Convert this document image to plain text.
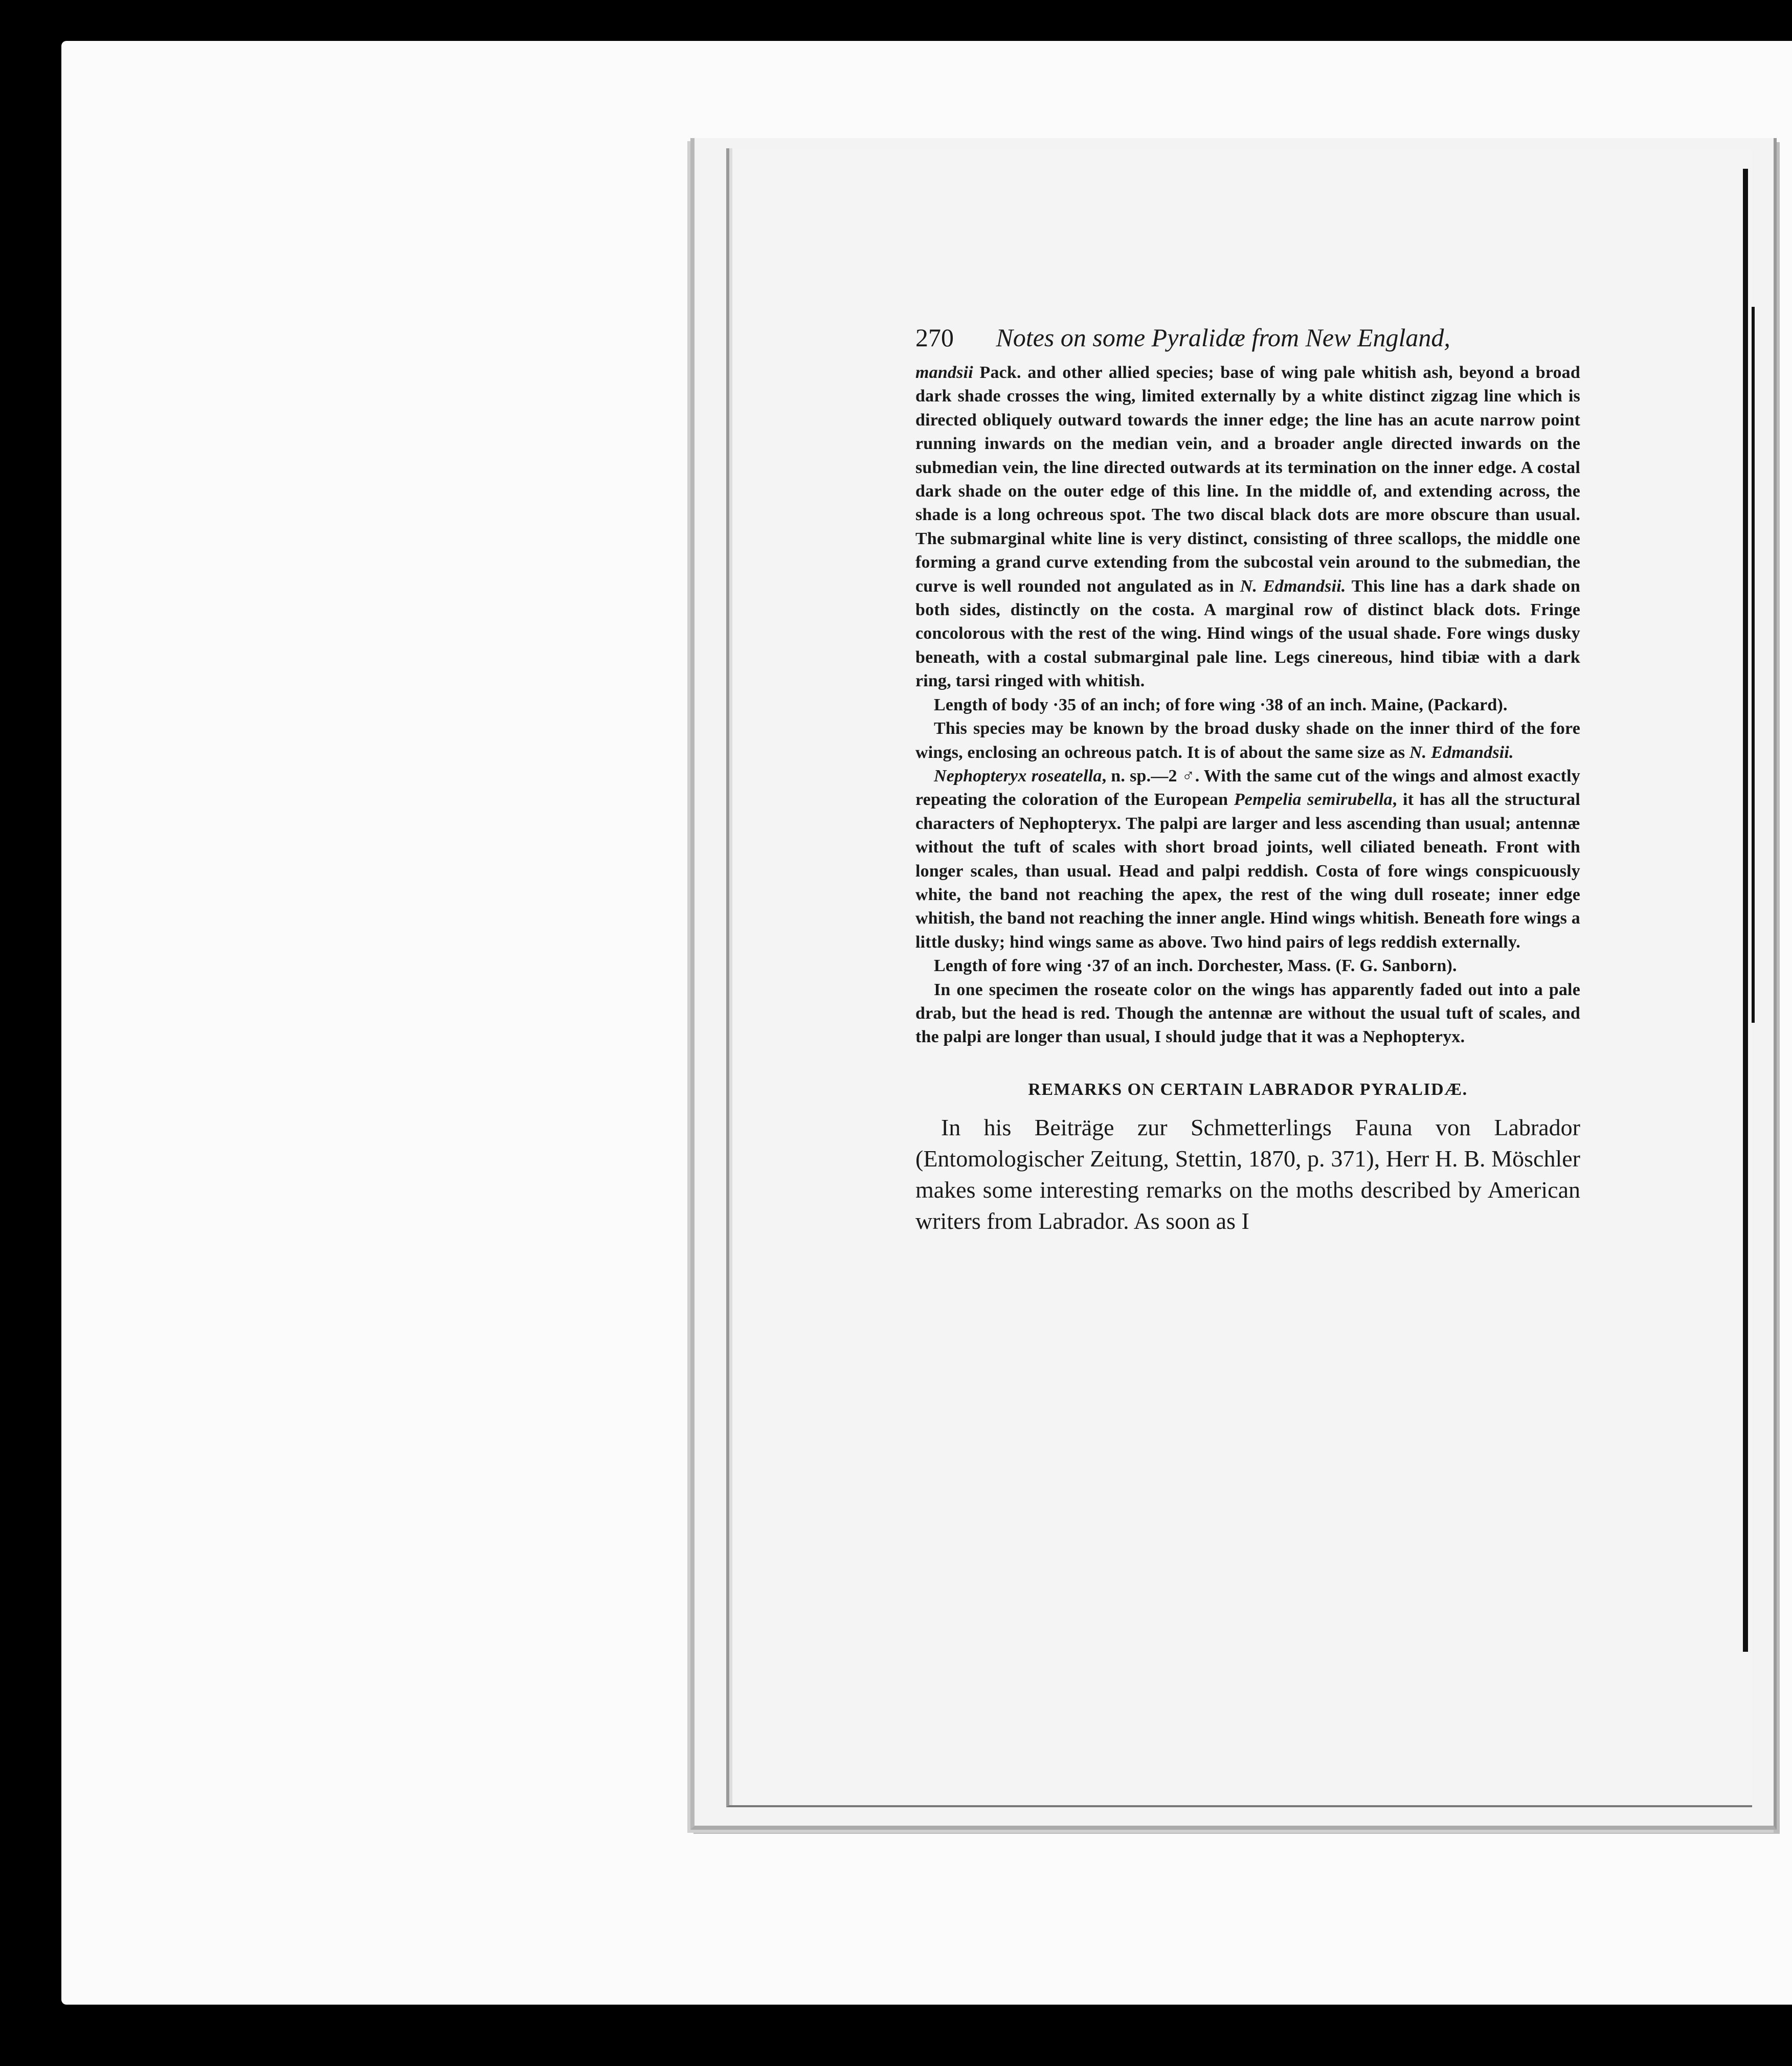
270 Notes on some Pyralidæ from New England,

mandsii Pack. and other allied species; base of wing pale whitish ash, beyond a broad dark shade crosses the wing, limited externally by a white distinct zigzag line which is directed obliquely outward towards the inner edge; the line has an acute narrow point running inwards on the median vein, and a broader angle directed inwards on the submedian vein, the line directed outwards at its termination on the inner edge. A costal dark shade on the outer edge of this line. In the middle of, and extending across, the shade is a long ochreous spot. The two discal black dots are more obscure than usual. The submarginal white line is very distinct, consisting of three scallops, the middle one forming a grand curve extending from the subcostal vein around to the submedian, the curve is well rounded not angulated as in N. Edmandsii. This line has a dark shade on both sides, distinctly on the costa. A marginal row of distinct black dots. Fringe concolorous with the rest of the wing. Hind wings of the usual shade. Fore wings dusky beneath, with a costal submarginal pale line. Legs cinereous, hind tibiæ with a dark ring, tarsi ringed with whitish.

Length of body ·35 of an inch; of fore wing ·38 of an inch. Maine, (Packard).

This species may be known by the broad dusky shade on the inner third of the fore wings, enclosing an ochreous patch. It is of about the same size as N. Edmandsii.

Nephopteryx roseatella, n. sp.—2 ♂. With the same cut of the wings and almost exactly repeating the coloration of the European Pempelia semirubella, it has all the structural characters of Nephopteryx. The palpi are larger and less ascending than usual; antennæ without the tuft of scales with short broad joints, well ciliated beneath. Front with longer scales, than usual. Head and palpi reddish. Costa of fore wings conspicuously white, the band not reaching the apex, the rest of the wing dull roseate; inner edge whitish, the band not reaching the inner angle. Hind wings whitish. Beneath fore wings a little dusky; hind wings same as above. Two hind pairs of legs reddish externally.

Length of fore wing ·37 of an inch. Dorchester, Mass. (F. G. Sanborn).

In one specimen the roseate color on the wings has apparently faded out into a pale drab, but the head is red. Though the antennæ are without the usual tuft of scales, and the palpi are longer than usual, I should judge that it was a Nephopteryx.

REMARKS ON CERTAIN LABRADOR PYRALIDÆ.

In his Beiträge zur Schmetterlings Fauna von Labrador (Entomologischer Zeitung, Stettin, 1870, p. 371), Herr H. B. Möschler makes some interesting remarks on the moths described by American writers from Labrador. As soon as I
